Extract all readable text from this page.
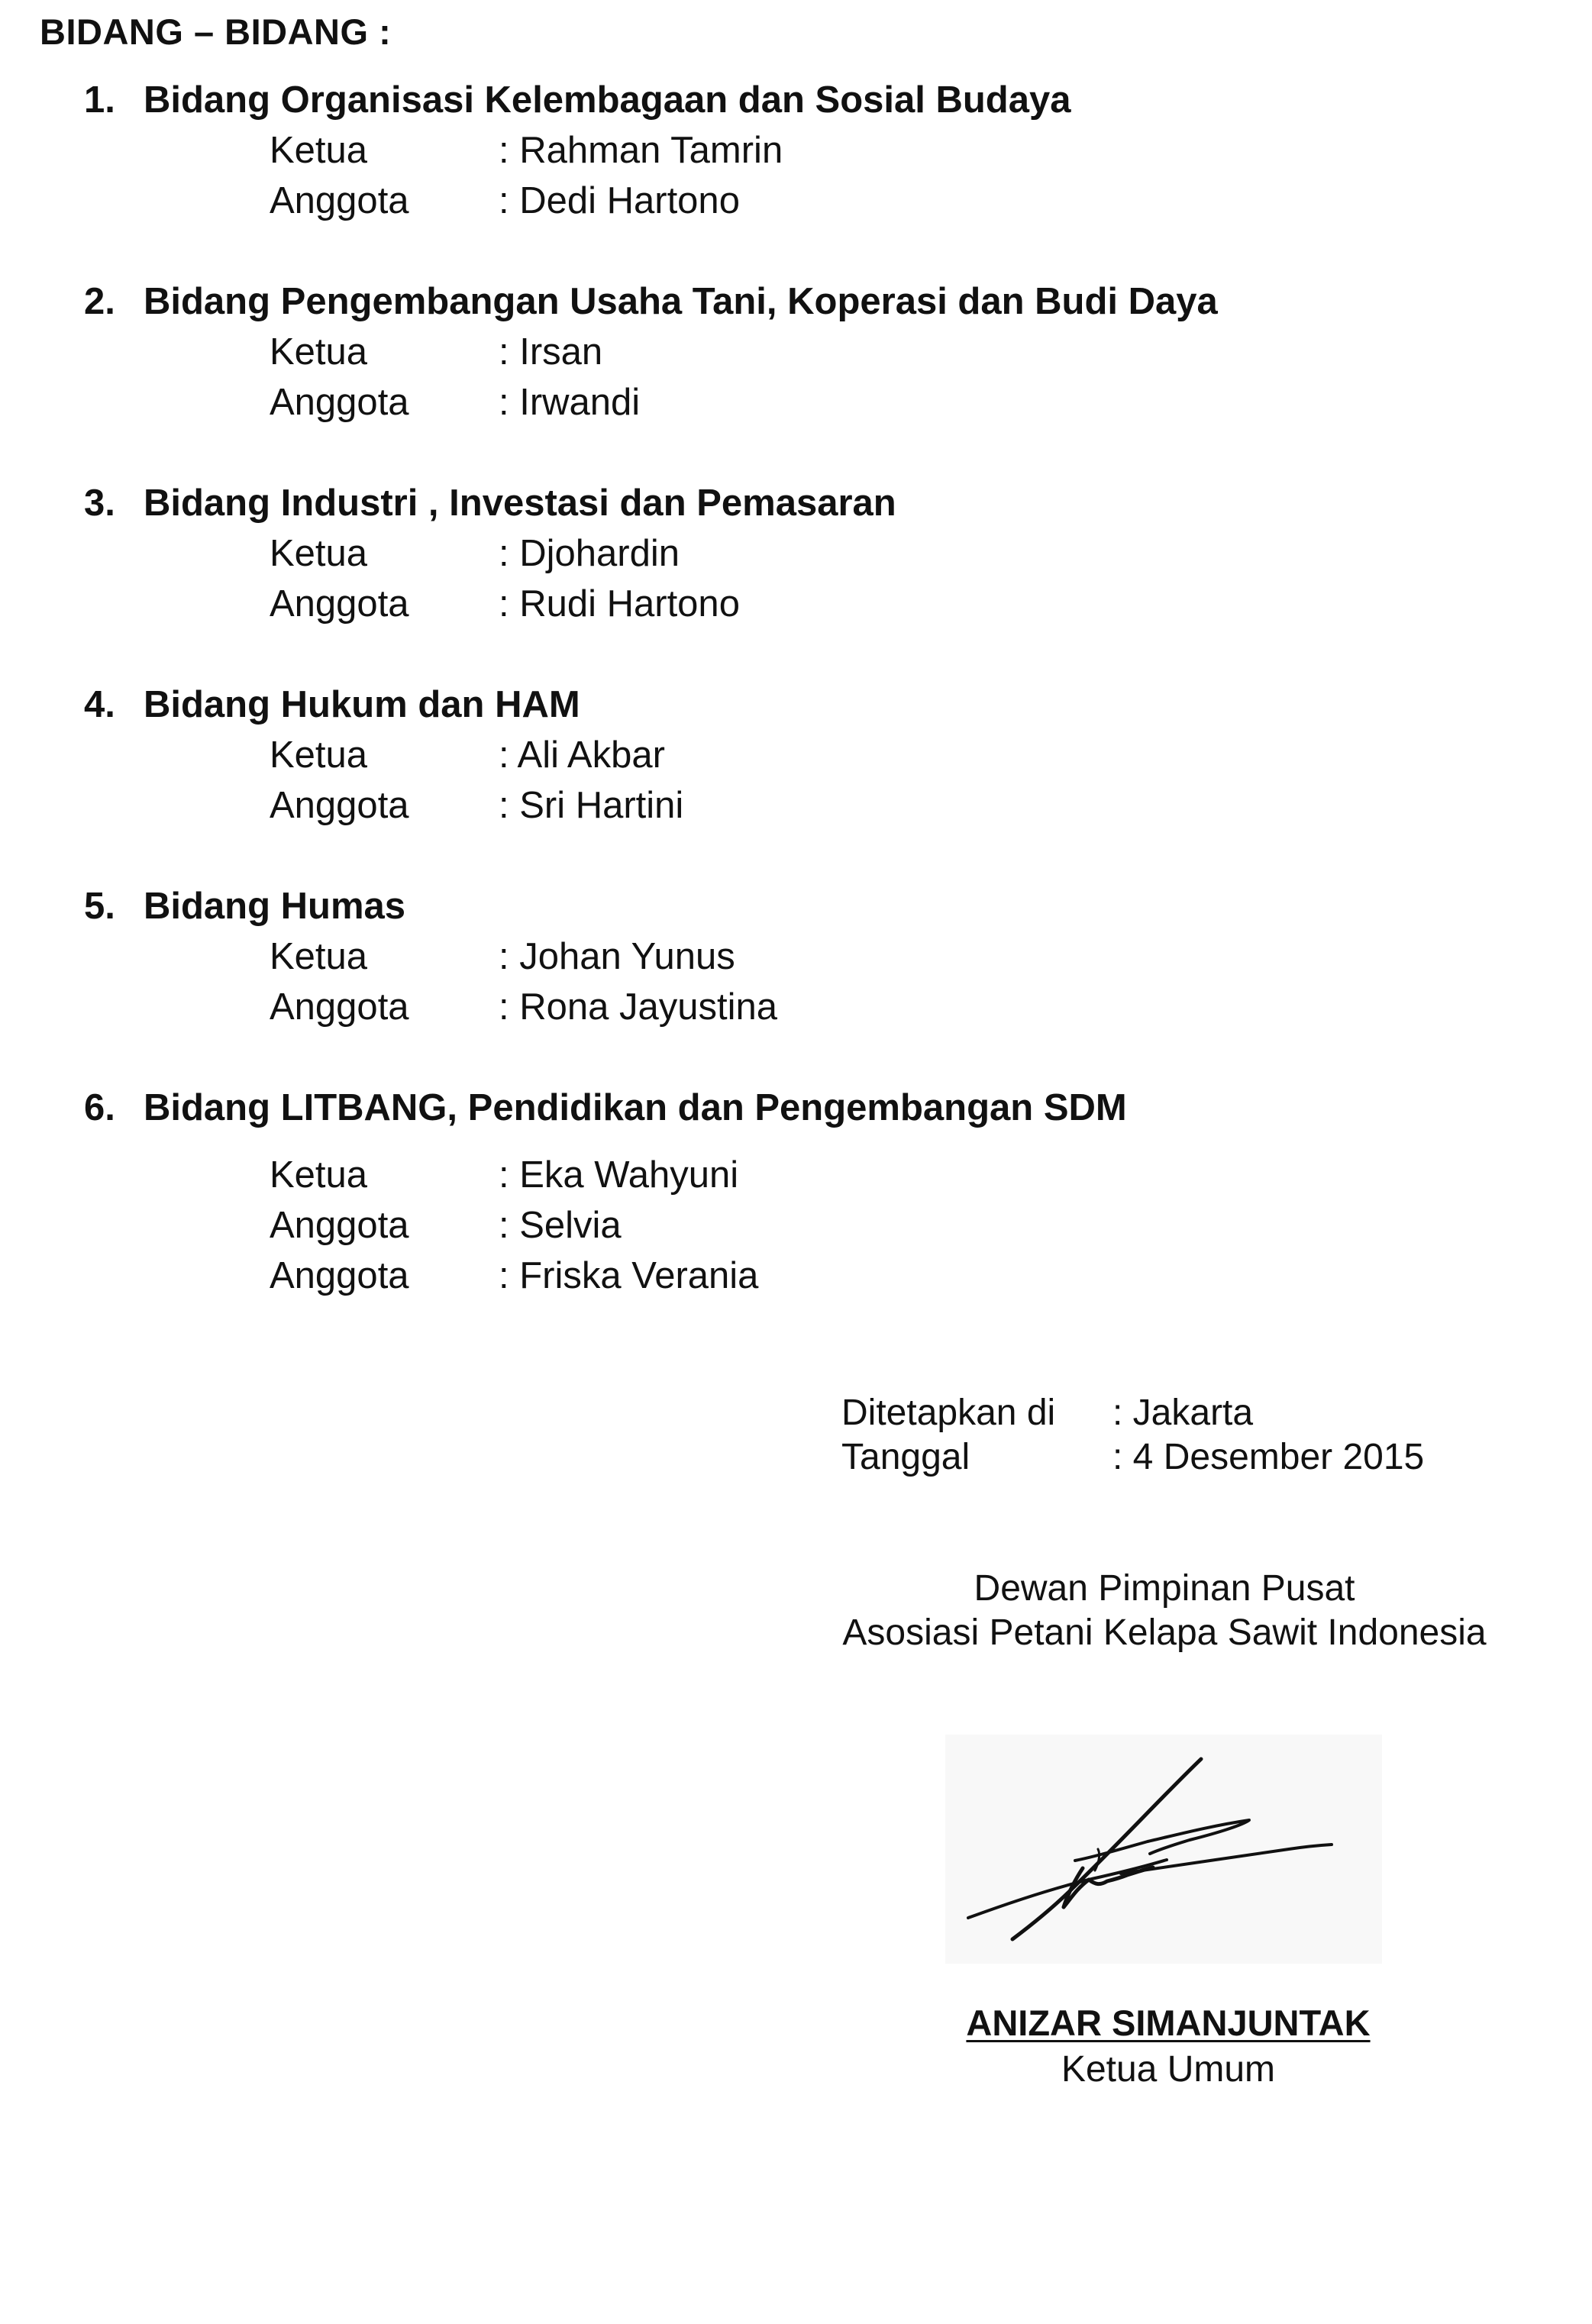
BIDANG – BIDANG :
1. Bidang Organisasi Kelembagaan dan Sosial Budaya
Ketua	: Rahman Tamrin
Anggota : Dedi Hartono
2. Bidang Pengembangan Usaha Tani, Koperasi dan Budi Daya
Ketua	: Irsan
Anggota : Irwandi
3. Bidang Industri , Investasi dan Pemasaran
Ketua	: Djohardin
Anggota : Rudi Hartono
4. Bidang Hukum dan HAM
Ketua	: Ali Akbar
Anggota : Sri Hartini
5. Bidang Humas
Ketua	: Johan Yunus
Anggota : Rona Jayustina
6. Bidang LITBANG, Pendidikan dan Pengembangan SDM
Ketua	: Eka Wahyuni
Anggota : Selvia
Anggota : Friska Verania
Ditetapkan di : Jakarta
Tanggal	: 4 Desember 2015
Dewan Pimpinan Pusat
Asosiasi Petani Kelapa Sawit Indonesia
ANIZAR SIMANJUNTAK
Ketua Umum
